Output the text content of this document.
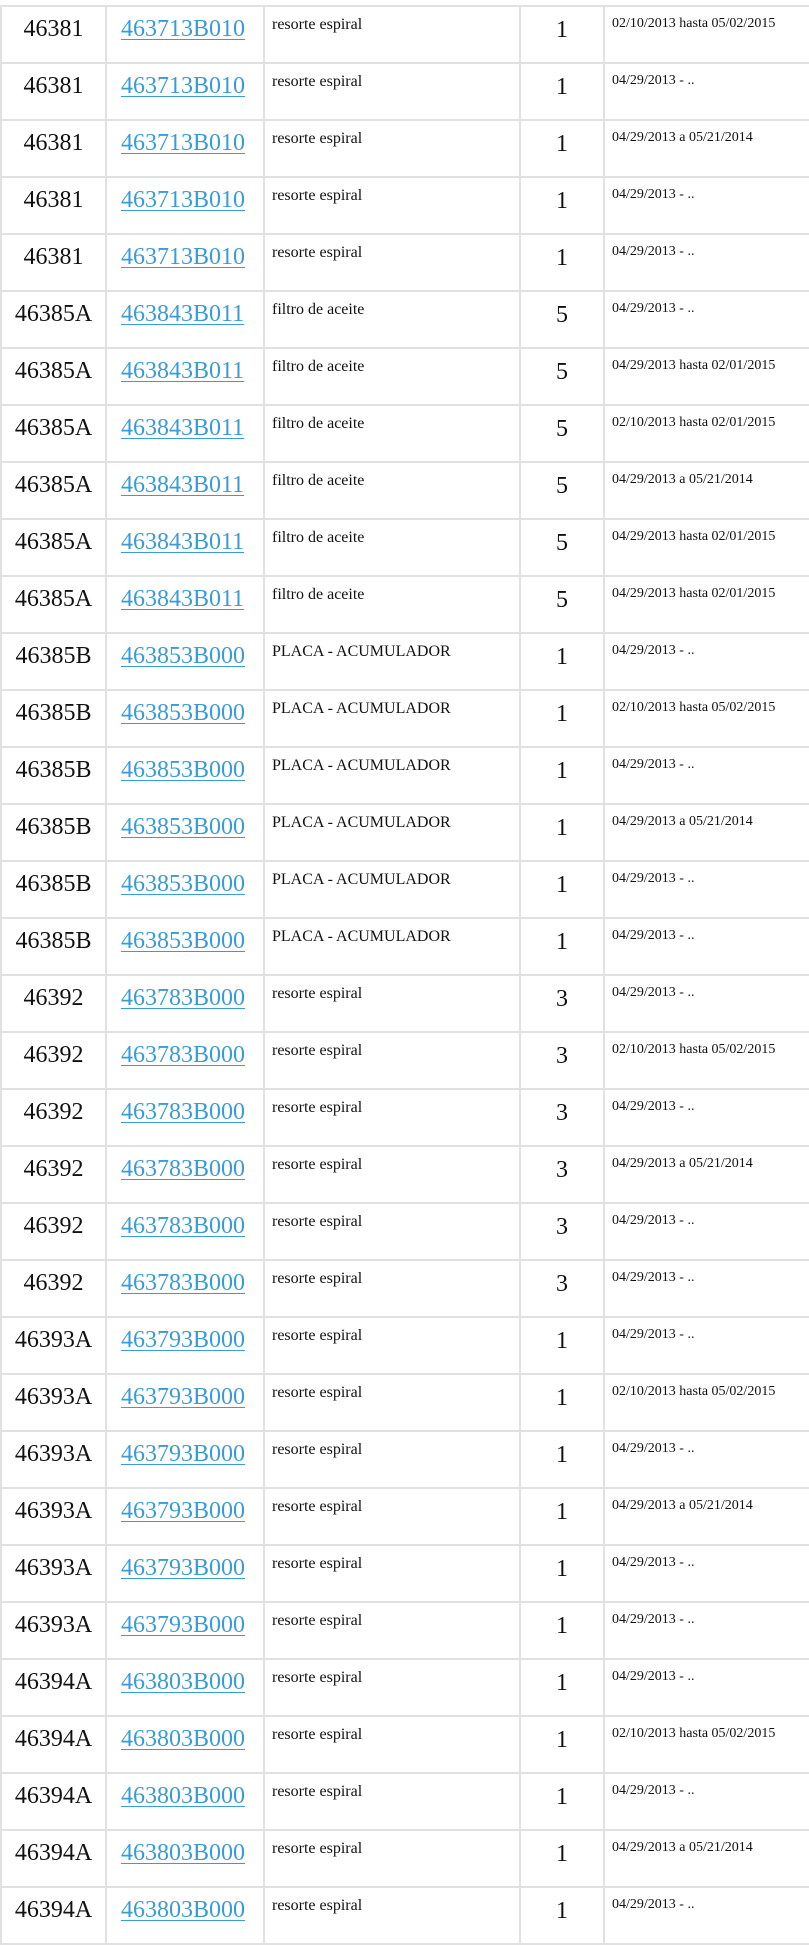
46381	463713B010	resorte espiral	1	02/10/2013 hasta 05/02/2015
46381	463713B010	resorte espiral	1	04/29/2013 - ..
46381	463713B010	resorte espiral	1	04/29/2013 a 05/21/2014
46381	463713B010	resorte espiral	1	04/29/2013 - ..
46381	463713B010	resorte espiral	1	04/29/2013 - ..
46385A	463843B011	filtro de aceite	5	04/29/2013 - ..
46385A	463843B011	filtro de aceite	5	04/29/2013 hasta 02/01/2015
46385A	463843B011	filtro de aceite	5	02/10/2013 hasta 02/01/2015
46385A	463843B011	filtro de aceite	5	04/29/2013 a 05/21/2014
46385A	463843B011	filtro de aceite	5	04/29/2013 hasta 02/01/2015
46385A	463843B011	filtro de aceite	5	04/29/2013 hasta 02/01/2015
46385B	463853B000	PLACA - ACUMULADOR	1	04/29/2013 - ..
46385B	463853B000	PLACA - ACUMULADOR	1	02/10/2013 hasta 05/02/2015
46385B	463853B000	PLACA - ACUMULADOR	1	04/29/2013 - ..
46385B	463853B000	PLACA - ACUMULADOR	1	04/29/2013 a 05/21/2014
46385B	463853B000	PLACA - ACUMULADOR	1	04/29/2013 - ..
46385B	463853B000	PLACA - ACUMULADOR	1	04/29/2013 - ..
46392	463783B000	resorte espiral	3	04/29/2013 - ..
46392	463783B000	resorte espiral	3	02/10/2013 hasta 05/02/2015
46392	463783B000	resorte espiral	3	04/29/2013 - ..
46392	463783B000	resorte espiral	3	04/29/2013 a 05/21/2014
46392	463783B000	resorte espiral	3	04/29/2013 - ..
46392	463783B000	resorte espiral	3	04/29/2013 - ..
46393A	463793B000	resorte espiral	1	04/29/2013 - ..
46393A	463793B000	resorte espiral	1	02/10/2013 hasta 05/02/2015
46393A	463793B000	resorte espiral	1	04/29/2013 - ..
46393A	463793B000	resorte espiral	1	04/29/2013 a 05/21/2014
46393A	463793B000	resorte espiral	1	04/29/2013 - ..
46393A	463793B000	resorte espiral	1	04/29/2013 - ..
46394A	463803B000	resorte espiral	1	04/29/2013 - ..
46394A	463803B000	resorte espiral	1	02/10/2013 hasta 05/02/2015
46394A	463803B000	resorte espiral	1	04/29/2013 - ..
46394A	463803B000	resorte espiral	1	04/29/2013 a 05/21/2014
46394A	463803B000	resorte espiral	1	04/29/2013 - ..
